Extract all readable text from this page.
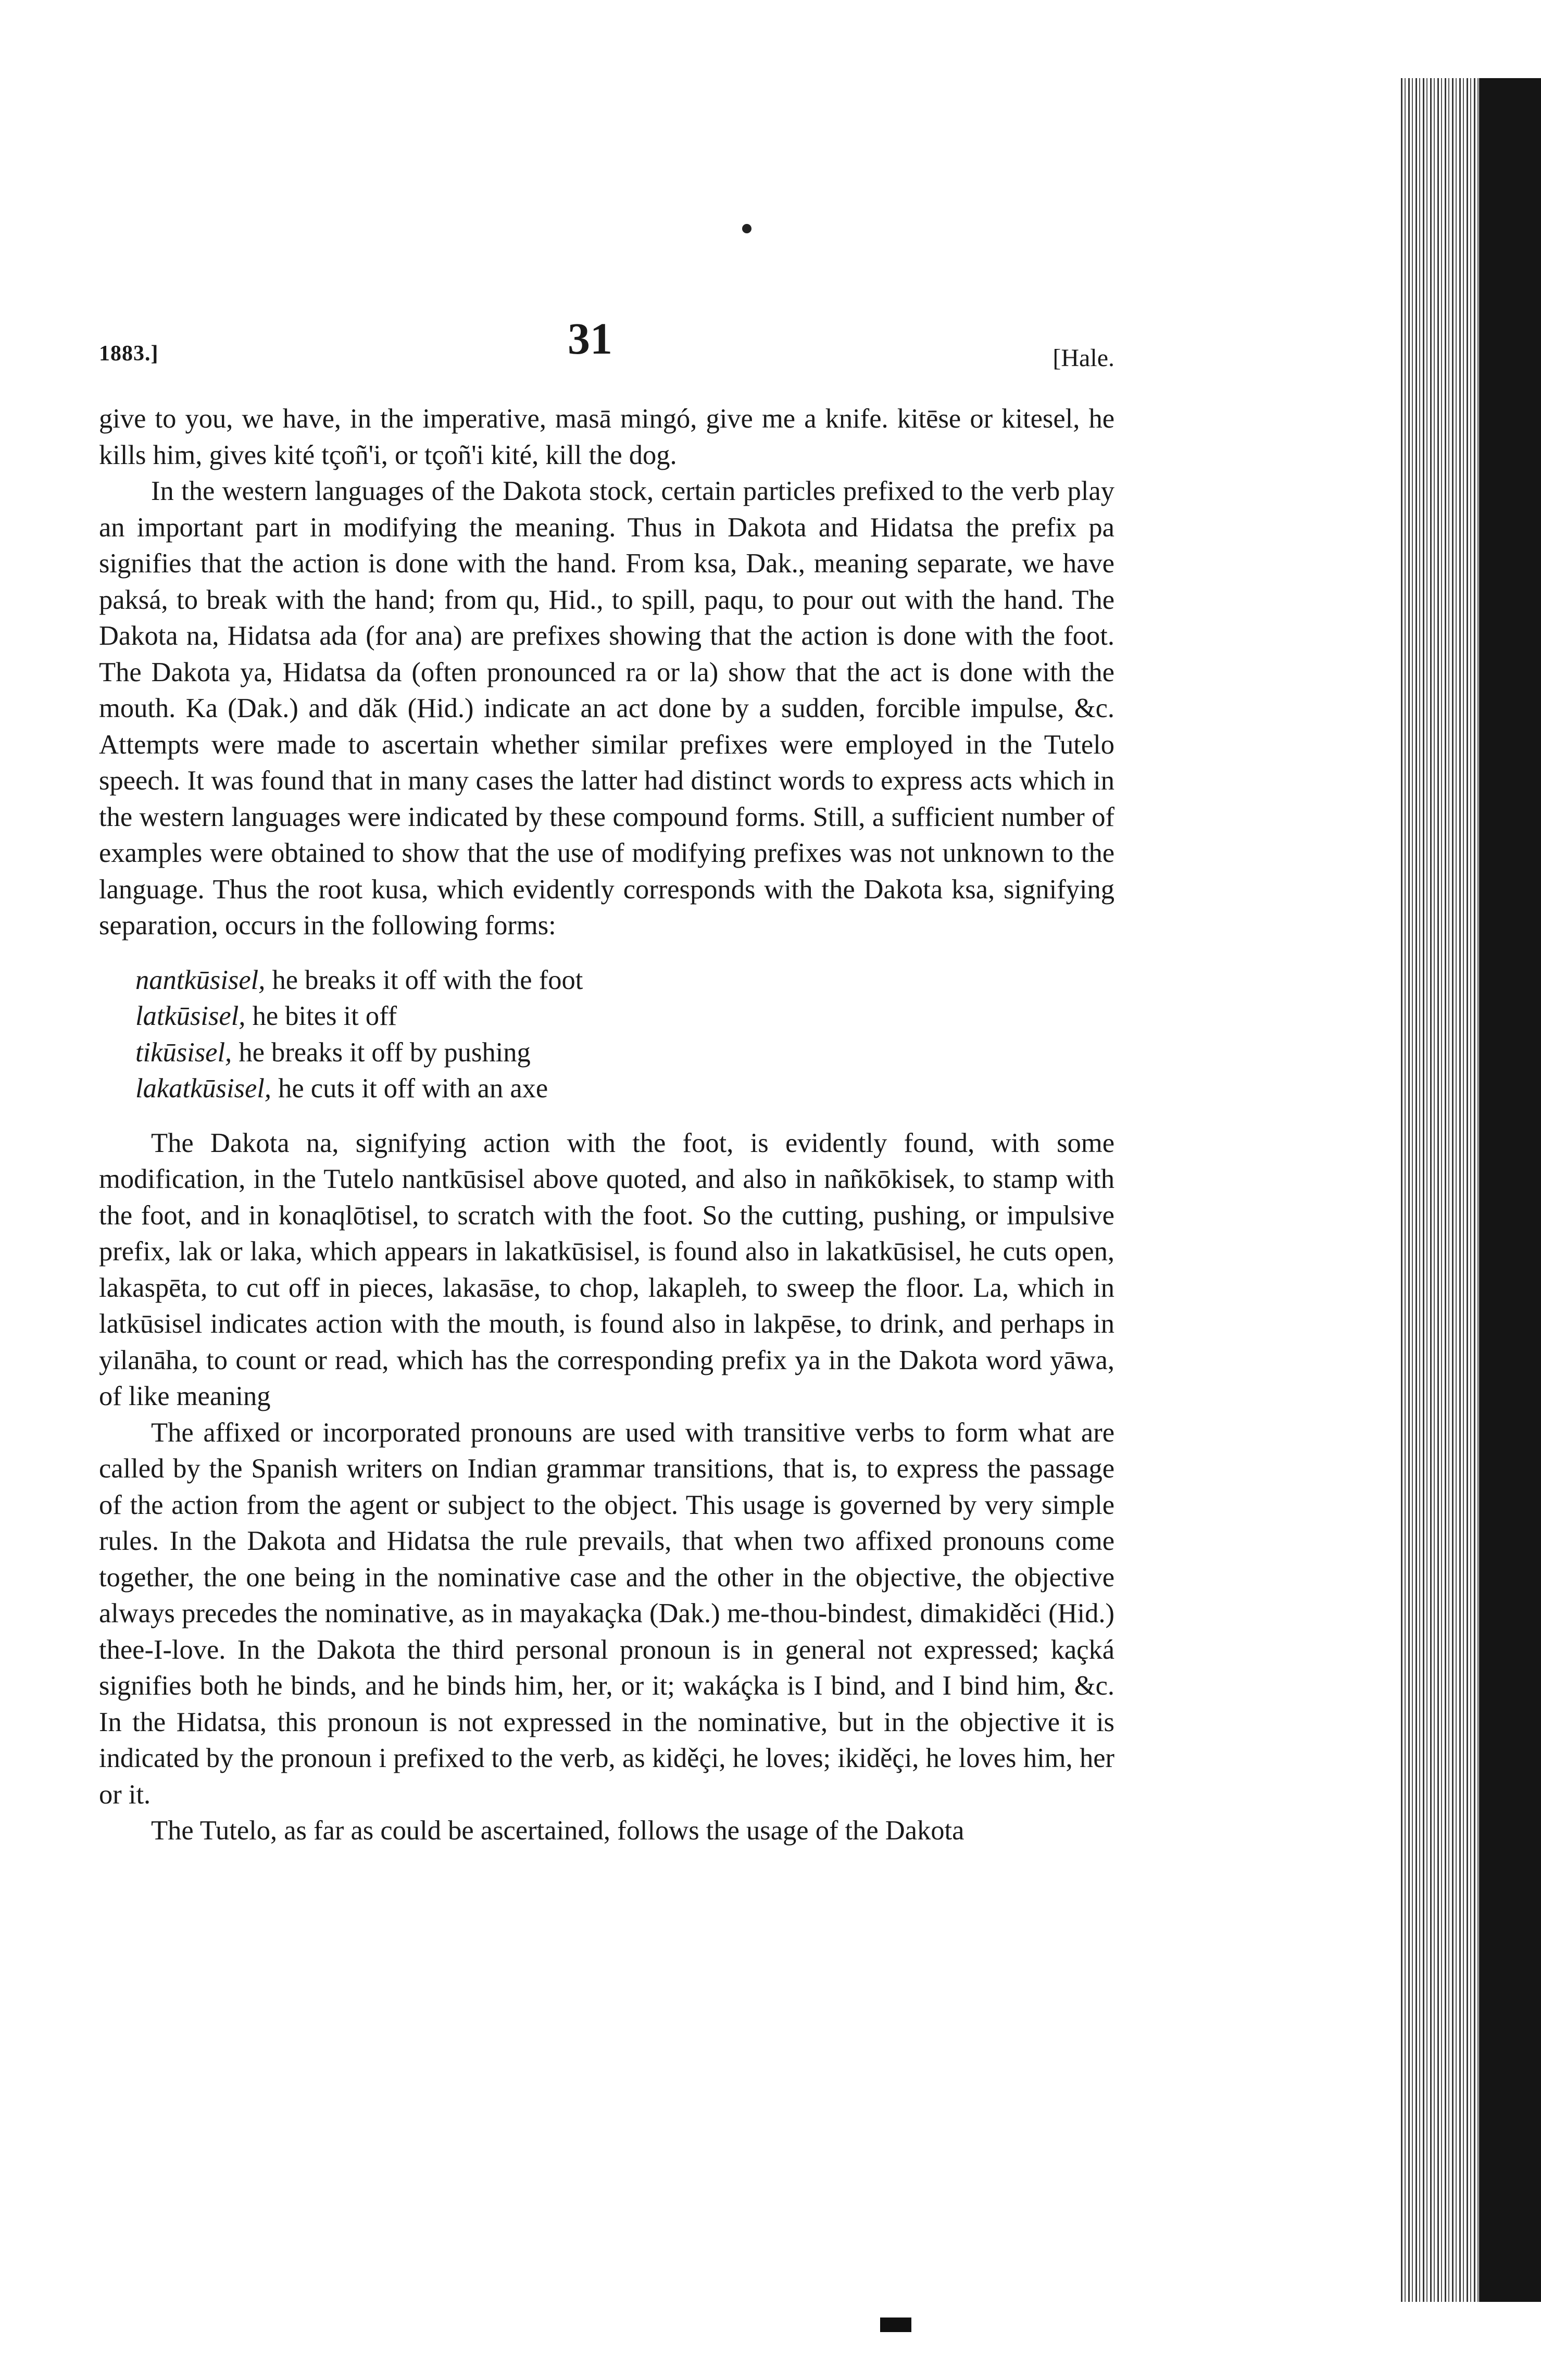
1883.]	31	[Hale.

give to you, we have, in the imperative, masā mingó, give me a knife. kitēse or kitesel, he kills him, gives kité tçoñ'i, or tçoñ'i kité, kill the dog.

In the western languages of the Dakota stock, certain particles prefixed to the verb play an important part in modifying the meaning. Thus in Dakota and Hidatsa the prefix pa signifies that the action is done with the hand. From ksa, Dak., meaning separate, we have paksá, to break with the hand; from qu, Hid., to spill, paqu, to pour out with the hand. The Dakota na, Hidatsa ada (for ana) are prefixes showing that the action is done with the foot. The Dakota ya, Hidatsa da (often pronounced ra or la) show that the act is done with the mouth. Ka (Dak.) and dăk (Hid.) indicate an act done by a sudden, forcible impulse, &c. Attempts were made to ascertain whether similar prefixes were employed in the Tutelo speech. It was found that in many cases the latter had distinct words to express acts which in the western languages were indicated by these compound forms. Still, a sufficient number of examples were obtained to show that the use of modifying prefixes was not unknown to the language. Thus the root kusa, which evidently corresponds with the Dakota ksa, signifying separation, occurs in the following forms:

nantkūsisel, he breaks it off with the foot

latkūsisel, he bites it off

tikūsisel, he breaks it off by pushing

lakatkūsisel, he cuts it off with an axe

The Dakota na, signifying action with the foot, is evidently found, with some modification, in the Tutelo nantkūsisel above quoted, and also in nañkōkisek, to stamp with the foot, and in konaqlōtisel, to scratch with the foot. So the cutting, pushing, or impulsive prefix, lak or laka, which appears in lakatkūsisel, is found also in lakatkūsisel, he cuts open, lakaspēta, to cut off in pieces, lakasāse, to chop, lakapleh, to sweep the floor. La, which in latkūsisel indicates action with the mouth, is found also in lakpēse, to drink, and perhaps in yilanāha, to count or read, which has the corresponding prefix ya in the Dakota word yāwa, of like meaning

The affixed or incorporated pronouns are used with transitive verbs to form what are called by the Spanish writers on Indian grammar transitions, that is, to express the passage of the action from the agent or subject to the object. This usage is governed by very simple rules. In the Dakota and Hidatsa the rule prevails, that when two affixed pronouns come together, the one being in the nominative case and the other in the objective, the objective always precedes the nominative, as in mayakaçka (Dak.) me-thou-bindest, dimakiděci (Hid.) thee-I-love. In the Dakota the third personal pronoun is in general not expressed; kaçká signifies both he binds, and he binds him, her, or it; wakáçka is I bind, and I bind him, &c. In the Hidatsa, this pronoun is not expressed in the nominative, but in the objective it is indicated by the pronoun i prefixed to the verb, as kiděçi, he loves; ikiděçi, he loves him, her or it.

The Tutelo, as far as could be ascertained, follows the usage of the Dakota
